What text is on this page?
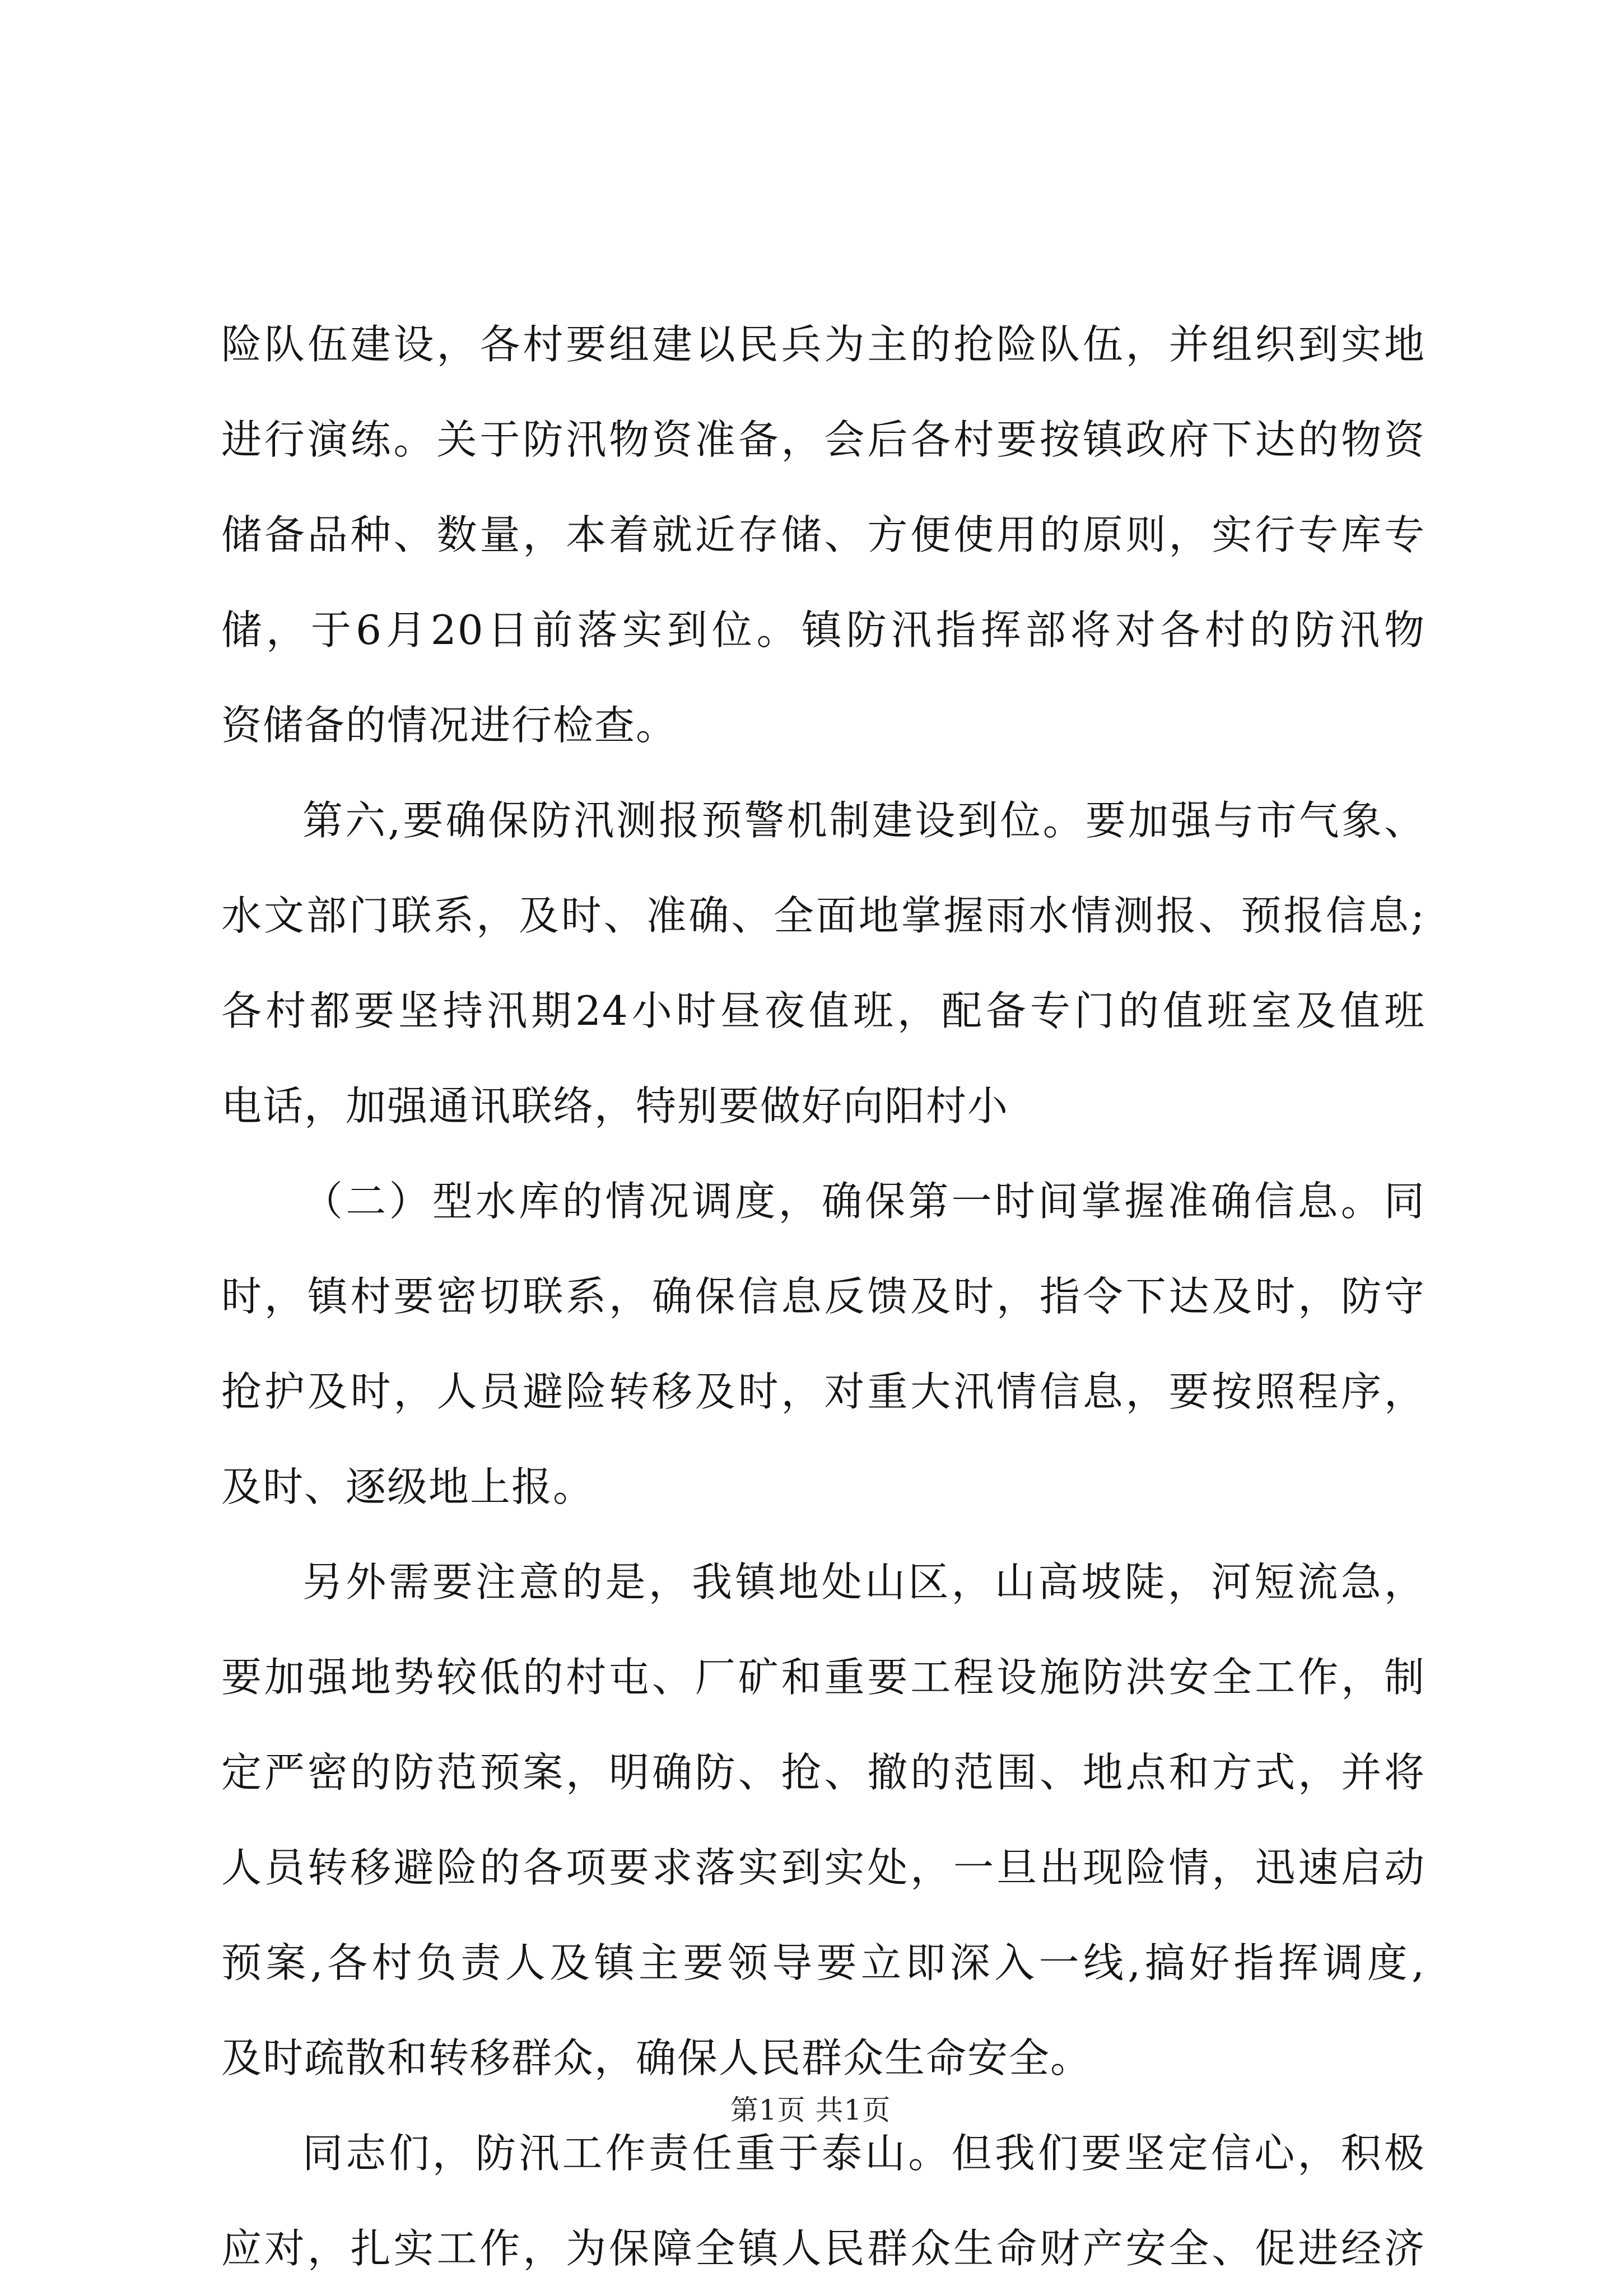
险队伍建设，各村要组建以民兵为主的抢险队伍，并组织到实地
进行演练。关于防汛物资准备，会后各村要按镇政府下达的物资
储备品种、数量，本着就近存储、方便使用的原则，实行专库专
储，于6月20日前落实到位。镇防汛指挥部将对各村的防汛物
资储备的情况进行检查。
第六,要确保防汛测报预警机制建设到位。要加强与市气象、
水文部门联系，及时、准确、全面地掌握雨水情测报、预报信息;
各村都要坚持汛期24小时昼夜值班，配备专门的值班室及值班
电话，加强通讯联络，特别要做好向阳村小
（二）型水库的情况调度，确保第一时间掌握准确信息。同
时，镇村要密切联系，确保信息反馈及时，指令下达及时，防守
抢护及时，人员避险转移及时，对重大汛情信息，要按照程序，
及时、逐级地上报。
另外需要注意的是，我镇地处山区，山高坡陡，河短流急，
要加强地势较低的村屯、厂矿和重要工程设施防洪安全工作，制
定严密的防范预案，明确防、抢、撤的范围、地点和方式，并将
人员转移避险的各项要求落实到实处，一旦出现险情，迅速启动
预案,各村负责人及镇主要领导要立即深入一线,搞好指挥调度,
及时疏散和转移群众，确保人民群众生命安全。
同志们，防汛工作责任重于泰山。但我们要坚定信心，积极
应对，扎实工作，为保障全镇人民群众生命财产安全、促进经济
第1页 共1页
